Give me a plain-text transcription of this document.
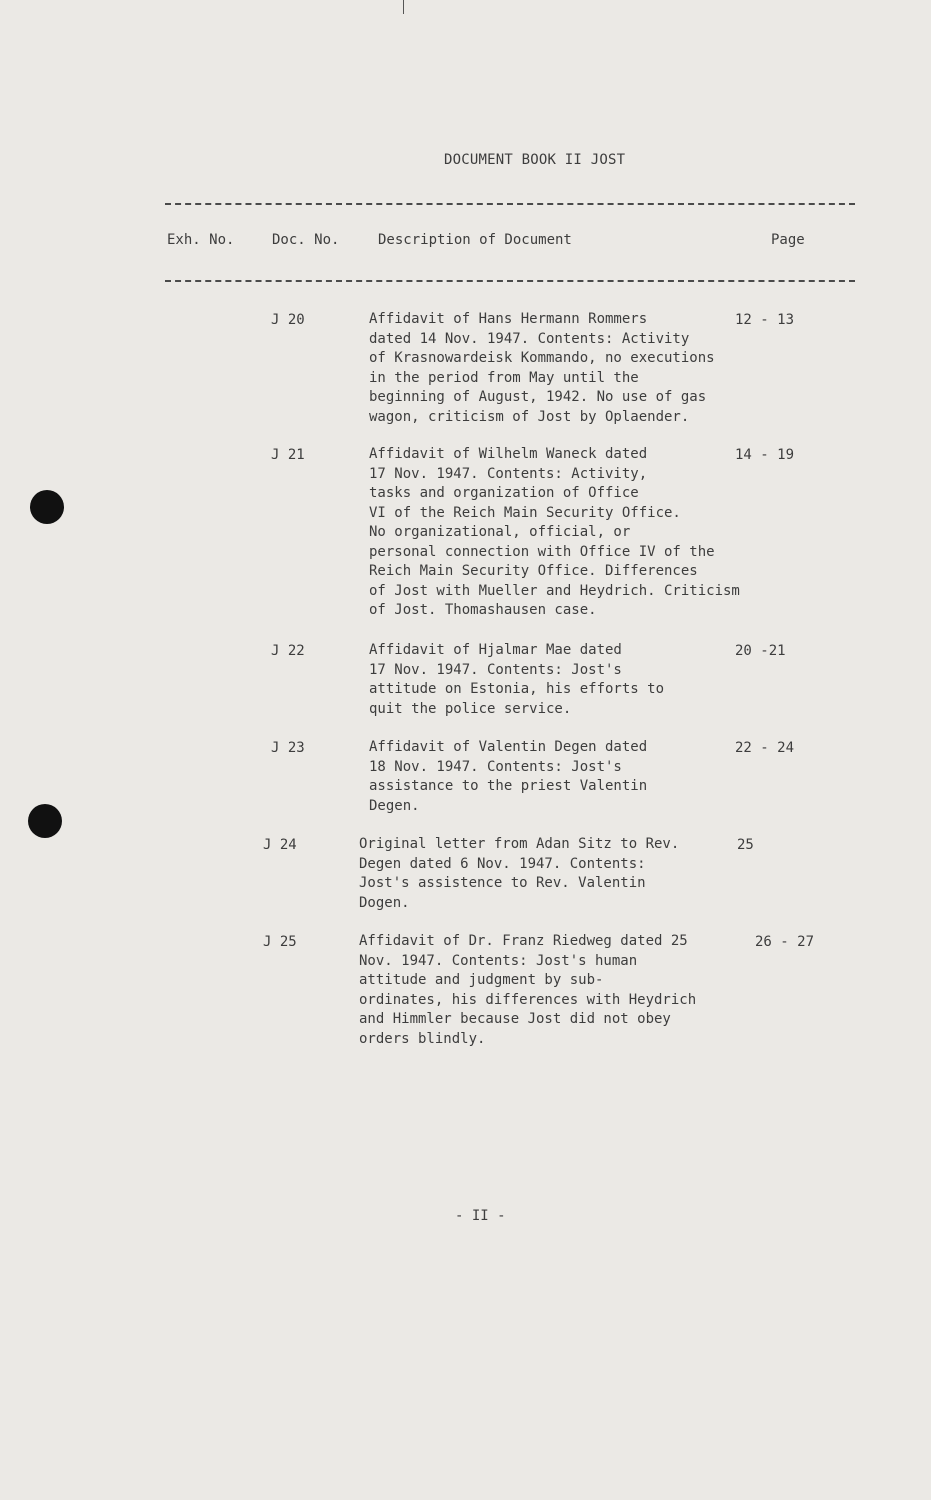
DOCUMENT BOOK II JOST
Exh. No.	Doc. No.	Description of Document	Page
J 20	Affidavit of Hans Hermann Rommers
dated 14 Nov. 1947. Contents: Activity
of Krasnowardeisk Kommando, no executions
in the period from May until the
beginning of August, 1942. No use of gas
wagon, criticism of Jost by Oplaender.
12 - 13
J 21	Affidavit of Wilhelm Waneck dated
17 Nov. 1947. Contents: Activity,
tasks and organization of Office
VI of the Reich Main Security Office.
No organizational, official, or
personal connection with Office IV of the
Reich Main Security Office. Differences
of Jost with Mueller and Heydrich. Criticism
of Jost. Thomashausen case.
14 - 19
J 22	Affidavit of Hjalmar Mae dated
17 Nov. 1947. Contents: Jost's
attitude on Estonia, his efforts to
quit the police service.
20 -21
J 23	Affidavit of Valentin Degen dated
18 Nov. 1947. Contents: Jost's
assistance to the priest Valentin
Degen.
22 - 24
J 24	Original letter from Adan Sitz to Rev.
Degen dated 6 Nov. 1947. Contents:
Jost's assistence to Rev. Valentin
Dogen.
25
J 25	Affidavit of Dr. Franz Riedweg dated 25
Nov. 1947. Contents: Jost's human
attitude and judgment by sub-
ordinates, his differences with Heydrich
and Himmler because Jost did not obey
orders blindly.
26 - 27
- II -
